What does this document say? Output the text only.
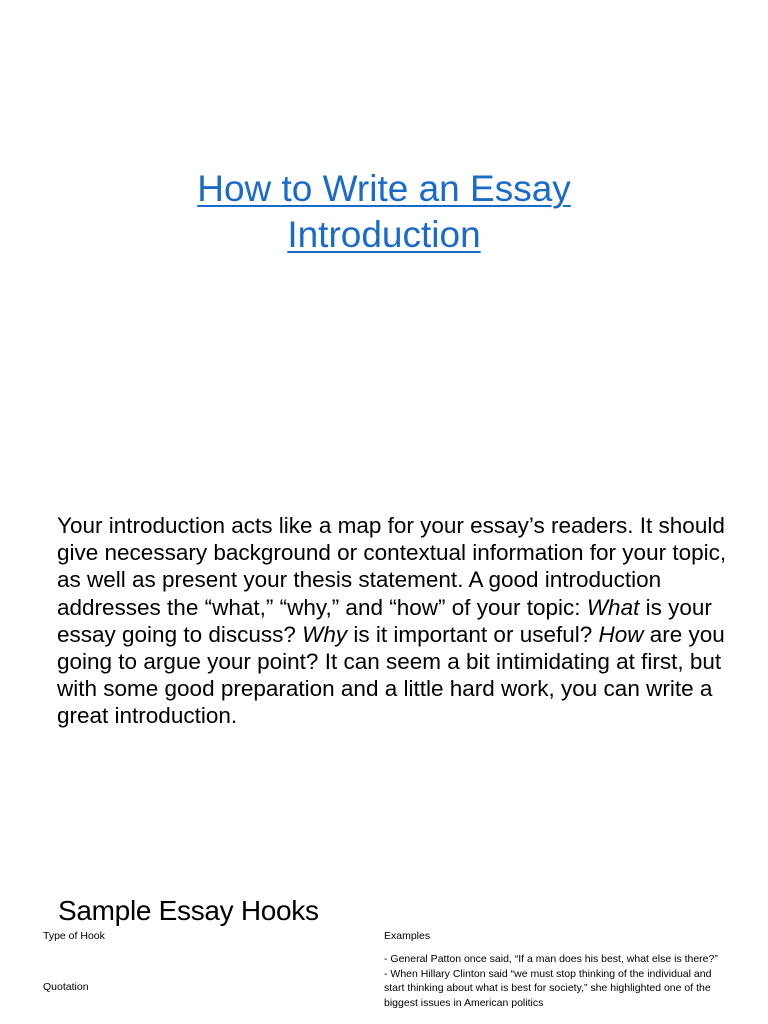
How to Write an Essay
Introduction
Your introduction acts like a map for your essay’s readers. It should give necessary background or contextual information for your topic, as well as present your thesis statement. A good introduction addresses the “what,” “why,” and “how” of your topic: What is your essay going to discuss? Why is it important or useful? How are you going to argue your point? It can seem a bit intimidating at first, but with some good preparation and a little hard work, you can write a great introduction.
Sample Essay Hooks
Type of Hook	Examples
Quotation

- General Patton once said, “If a man does his best, what else is there?”

- When Hillary Clinton said “we must stop thinking of the individual and start thinking about what is best for society,” she highlighted one of the biggest issues in American politics
